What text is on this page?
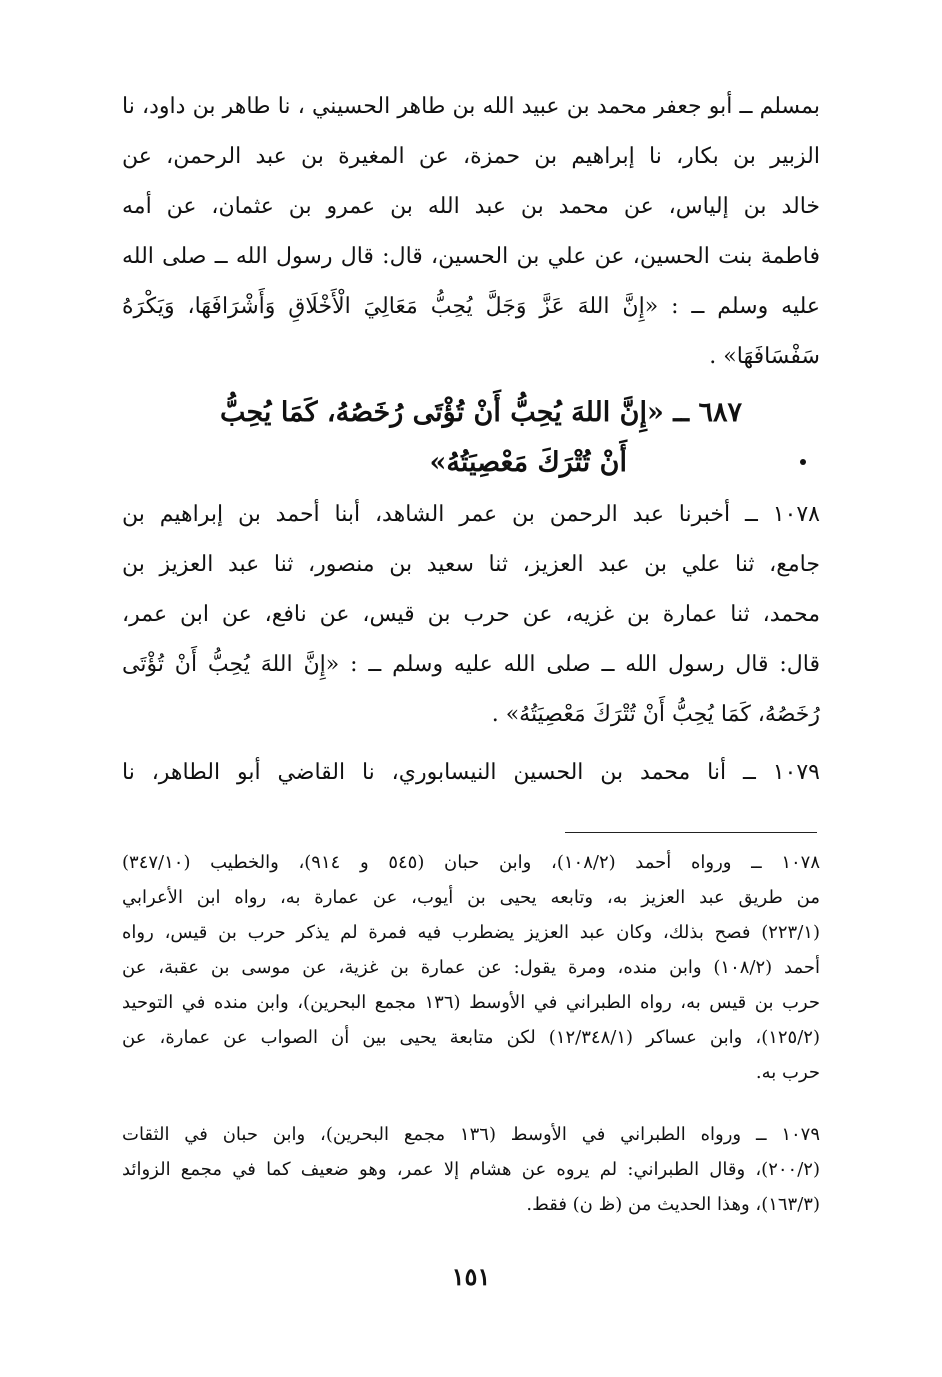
بمسلم ــ أبو جعفر محمد بن عبيد الله بن طاهر الحسيني ، نا طاهر بن داود، نا
الزبير بن بكار، نا إبراهيم بن حمزة، عن المغيرة بن عبد الرحمن، عن
خالد بن إلياس، عن محمد بن عبد الله بن عمرو بن عثمان، عن أمه
فاطمة بنت الحسين، عن علي بن الحسين، قال: قال رسول الله ــ صلى الله
عليه وسلم ــ : «إِنَّ اللهَ عَزَّ وَجَلَّ يُحِبُّ مَعَالِيَ الْأَخْلَاقِ وَأَشْرَافَهَا، وَيَكْرَهُ
سَفْسَافَهَا» .
٦٨٧ ــ «إِنَّ اللهَ يُحِبُّ أَنْ تُؤْتَى رُخَصُهُ، كَمَا يُحِبُّ
أَنْ تُتْرَكَ مَعْصِيَتُهُ»
١٠٧٨ ــ أخبرنا عبد الرحمن بن عمر الشاهد، أبنا أحمد بن إبراهيم بن
جامع، ثنا علي بن عبد العزيز، ثنا سعيد بن منصور، ثنا عبد العزيز بن
محمد، ثنا عمارة بن غزيه، عن حرب بن قيس، عن نافع، عن ابن عمر،
قال: قال رسول الله ــ صلى الله عليه وسلم ــ : «إِنَّ اللهَ يُحِبُّ أَنْ تُؤْتَى
رُخَصُهُ، كَمَا يُحِبُّ أَنْ تُتْرَكَ مَعْصِيَتُهُ» .
١٠٧٩ ــ أنا محمد بن الحسين النيسابوري، نا القاضي أبو الطاهر، نا
١٠٧٨ ــ ورواه أحمد (١٠٨/٢)، وابن حبان (٥٤٥ و ٩١٤)، والخطيب (٣٤٧/١٠)
من طريق عبد العزيز به، وتابعه يحيى بن أيوب، عن عمارة به، رواه ابن الأعرابي
(٢٢٣/١) فصح بذلك، وكان عبد العزيز يضطرب فيه فمرة لم يذكر حرب بن قيس، رواه
أحمد (١٠٨/٢) وابن منده، ومرة يقول: عن عمارة بن غزية، عن موسى بن عقبة، عن
حرب بن قيس به، رواه الطبراني في الأوسط (١٣٦ مجمع البحرين)، وابن منده في التوحيد
(١٢٥/٢)، وابن عساكر (١٢/٣٤٨/١) لكن متابعة يحيى بين أن الصواب عن عمارة، عن
حرب به.
١٠٧٩ ــ ورواه الطبراني في الأوسط (١٣٦ مجمع البحرين)، وابن حبان في الثقات
(٢٠٠/٢)، وقال الطبراني: لم يروه عن هشام إلا عمر، وهو ضعيف كما في مجمع الزوائد
(١٦٣/٣)، وهذا الحديث من (ظ ن) فقط.
١٥١
